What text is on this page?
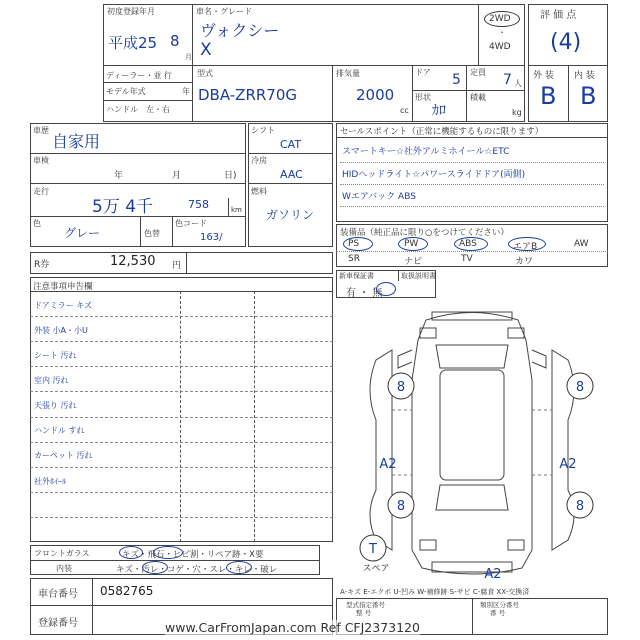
初度登録年月
平成25 8
月
車名・グレード
ヴォクシー
X
2WD
・
4WD
評 価 点
(4)
ディーラー・並 行
モデル年式	年
ハンドル　左・右
型式
DBA-ZRR70G
排気量
2000
cc
ドア 5 定員 7 人
形状
ｶﾛ
積載
kg
外 装 内 装
B B
車歴
自家用
車検
年	月	日)
走行
5万 4千	758	km
色
グレー	色替
色コード
163/
シフト
CAT
冷房
AAC
燃料
ガソリン
R券	12,530 円
セールスポイント（正常に機能するものに限ります）
スマートキー☆社外アルミホイール☆ETC
HIDヘッドライト☆パワースライドドア(両側)
Wエアバック ABS
装備品（純正品に限り○をつけてください）
PS	PW	ABS	エアB	AW
SR	ナビ	TV	カワ
新車保証書	取扱説明書
有 ・ 無
注意事項申告欄
ドアミラー キズ
外装 小A・小U
シート 汚れ
室内 汚れ
天張り 汚れ
ハンドル すれ
カーペット 汚れ
社外ﾎｲｰﾙ
フロントガラス	キズ・飛石・ヒビ割・リペア跡・X要
内装	キズ・汚レ・コゲ・穴・スレ・キレ・破レ
車台番号 0582765
登録番号
型式指定番号
整 号
類別区分番号
番 号
A-キズ E-エクボ U-凹み W-補修跡 S-サビ C-腐食 XX-交換済
www.CarFromJapan.com Ref CFJ2373120
8	8
A2	A2
8	8
A2
T
スペア
